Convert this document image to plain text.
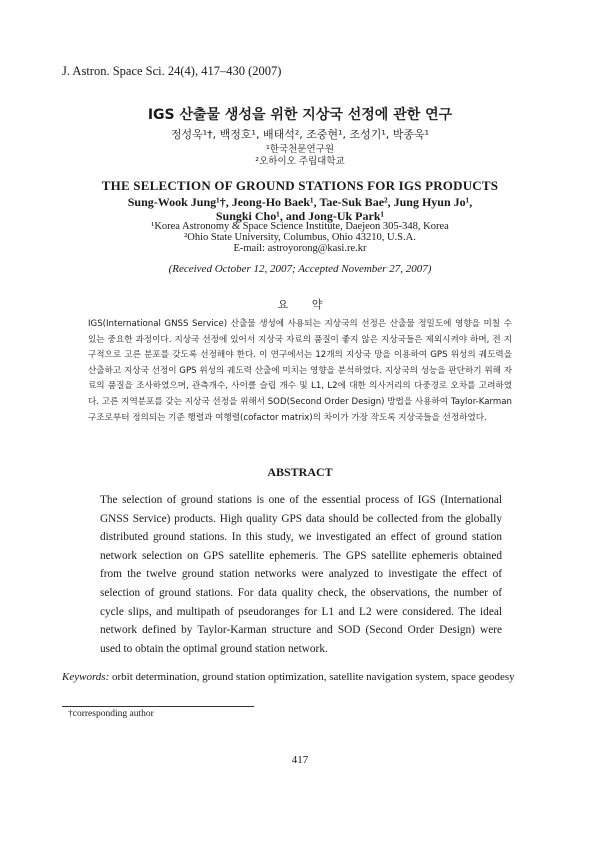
J. Astron. Space Sci. 24(4), 417–430 (2007)
IGS 산출물 생성을 위한 지상국 선정에 관한 연구
정성욱¹†, 백정호¹, 배태석², 조중현¹, 조성기¹, 박종욱¹
¹한국천문연구원
²오하이오 주립대학교
THE SELECTION OF GROUND STATIONS FOR IGS PRODUCTS
Sung-Wook Jung¹†, Jeong-Ho Baek¹, Tae-Suk Bae², Jung Hyun Jo¹,
Sungki Cho¹, and Jong-Uk Park¹
¹Korea Astronomy & Space Science Institute, Daejeon 305-348, Korea
²Ohio State University, Columbus, Ohio 43210, U.S.A.
E-mail: astroyorong@kasi.re.kr
(Received October 12, 2007; Accepted November 27, 2007)
요 약
IGS(International GNSS Service) 산출물 생성에 사용되는 지상국의 선정은 산출물 정밀도에 영향을 미칠 수 있는 중요한 과정이다. 지상국 선정에 있어서 지상국 자료의 품질이 좋지 않은 지상국들은 제외시켜야 하며, 전 지구적으로 고른 분포를 갖도록 선정해야 한다. 이 연구에서는 12개의 지상국 망을 이용하여 GPS 위성의 궤도력을 산출하고 지상국 선정이 GPS 위성의 궤도력 산출에 미치는 영향을 분석하였다. 지상국의 성능을 판단하기 위해 자료의 품질을 조사하였으며, 관측개수, 사이클 슬립 개수 및 L1, L2에 대한 의사거리의 다중경로 오차를 고려하였다. 고른 지역분포를 갖는 지상국 선정을 위해서 SOD(Second Order Design) 방법을 사용하여 Taylor-Karman 구조로부터 정의되는 기준 행렬과 여행렬(cofactor matrix)의 차이가 가장 작도록 지상국들을 선정하였다.
ABSTRACT
The selection of ground stations is one of the essential process of IGS (International GNSS Service) products. High quality GPS data should be collected from the globally distributed ground stations. In this study, we investigated an effect of ground station network selection on GPS satellite ephemeris. The GPS satellite ephemeris obtained from the twelve ground station networks were analyzed to investigate the effect of selection of ground stations. For data quality check, the observations, the number of cycle slips, and multipath of pseudoranges for L1 and L2 were considered. The ideal network defined by Taylor-Karman structure and SOD (Second Order Design) were used to obtain the optimal ground station network.
Keywords: orbit determination, ground station optimization, satellite navigation system, space geodesy
†corresponding author
417
